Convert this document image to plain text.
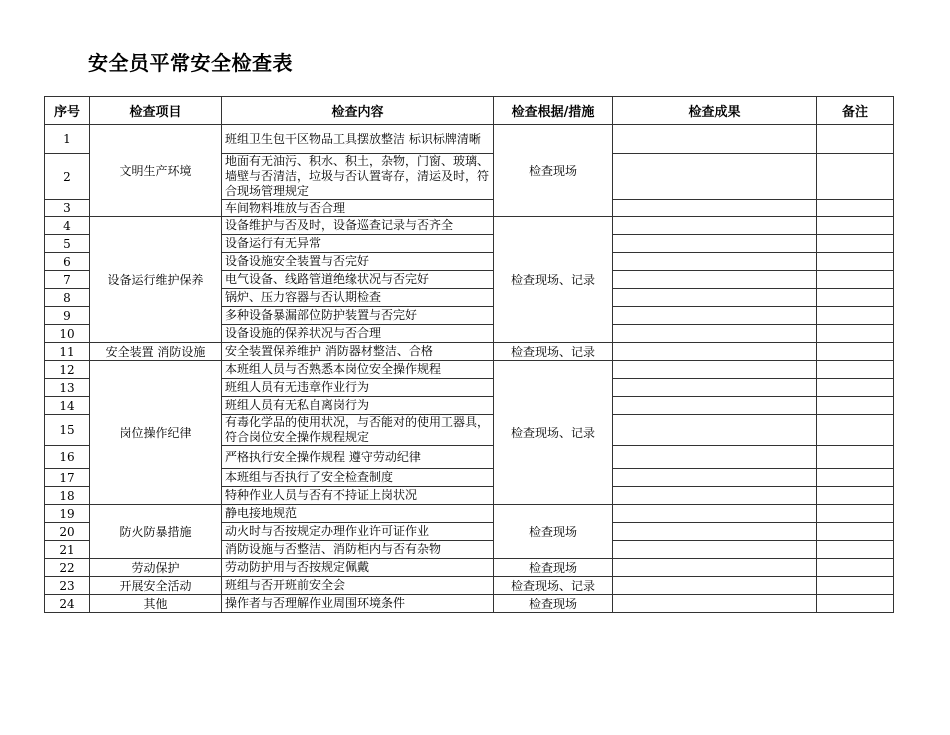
安全员平常安全检查表
序号	检查项目	检查内容	检查根据/措施	检查成果	备注
1	文明生产环境	班组卫生包干区物品工具摆放整洁 标识标牌清晰	检查现场		
2		地面有无油污、积水、积土，杂物，门窗、玻璃、墙壁与否清洁，垃圾与否认置寄存，清运及时，符合现场管理规定			
3		车间物料堆放与否合理			
4	设备运行维护保养	设备维护与否及时，设备巡查记录与否齐全	检查现场、记录		
5		设备运行有无异常			
6		设备设施安全装置与否完好			
7		电气设备、线路管道绝缘状况与否完好			
8		锅炉、压力容器与否认期检查			
9		多种设备暴漏部位防护装置与否完好			
10		设备设施的保养状况与否合理			
11	安全装置 消防设施	安全装置保养维护 消防器材整洁、合格	检查现场、记录		
12	岗位操作纪律	本班组人员与否熟悉本岗位安全操作规程	检查现场、记录		
13		班组人员有无违章作业行为			
14		班组人员有无私自离岗行为			
15		有毒化学品的使用状况，与否能对的使用工器具，符合岗位安全操作规程规定			
16		严格执行安全操作规程 遵守劳动纪律			
17		本班组与否执行了安全检查制度			
18		特种作业人员与否有不持证上岗状况			
19	防火防暴措施	静电接地规范	检查现场		
20		动火时与否按规定办理作业许可证作业			
21		消防设施与否整洁、消防柜内与否有杂物			
22	劳动保护	劳动防护用与否按规定佩戴	检查现场		
23	开展安全活动	班组与否开班前安全会	检查现场、记录		
24	其他	操作者与否理解作业周围环境条件	检查现场		
